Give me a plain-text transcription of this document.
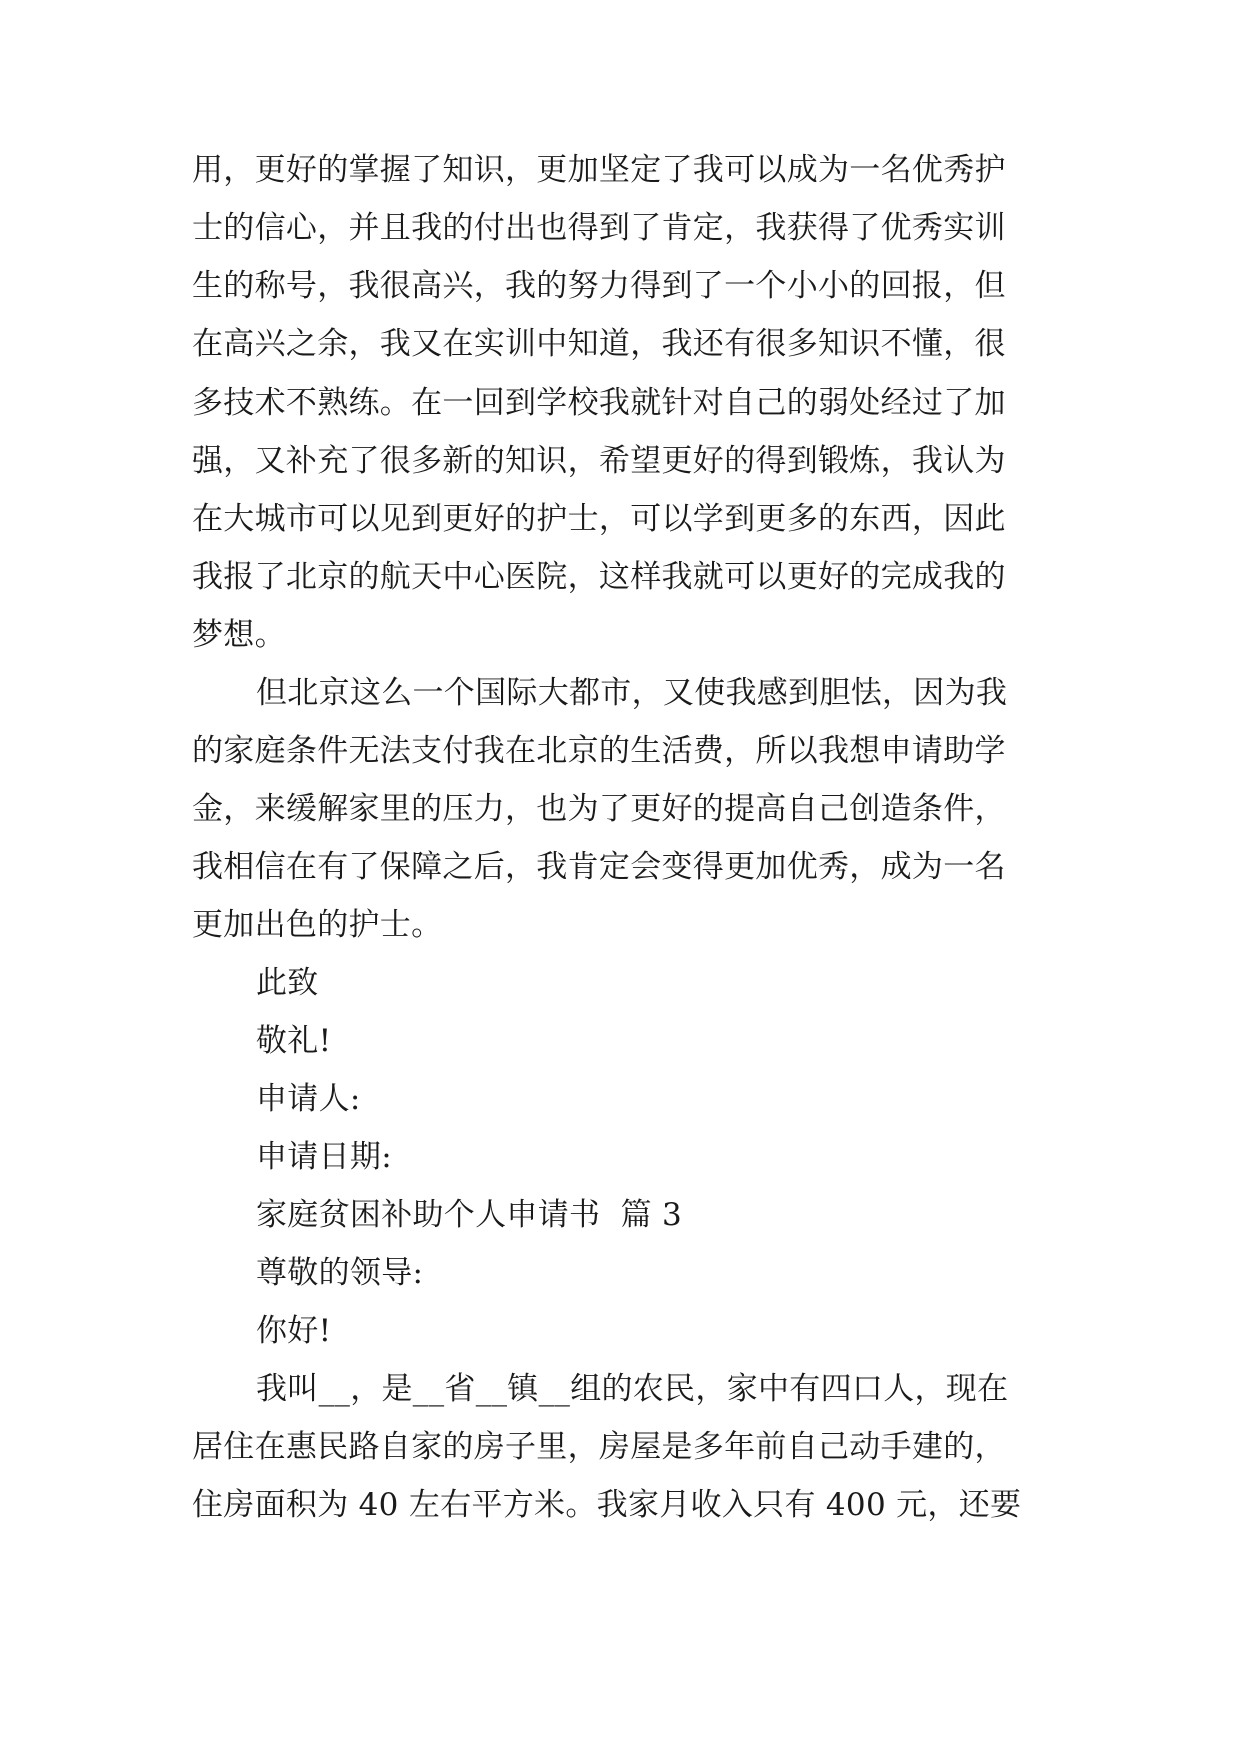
用，更好的掌握了知识，更加坚定了我可以成为一名优秀护
士的信心，并且我的付出也得到了肯定，我获得了优秀实训
生的称号，我很高兴，我的努力得到了一个小小的回报，但
在高兴之余，我又在实训中知道，我还有很多知识不懂，很
多技术不熟练。在一回到学校我就针对自己的弱处经过了加
强，又补充了很多新的知识，希望更好的得到锻炼，我认为
在大城市可以见到更好的护士，可以学到更多的东西，因此
我报了北京的航天中心医院，这样我就可以更好的完成我的
梦想。
但北京这么一个国际大都市，又使我感到胆怯，因为我
的家庭条件无法支付我在北京的生活费，所以我想申请助学
金，来缓解家里的压力，也为了更好的提高自己创造条件，
我相信在有了保障之后，我肯定会变得更加优秀，成为一名
更加出色的护士。
此致
敬礼!
申请人:
申请日期:
家庭贫困补助个人申请书  篇 3
尊敬的领导:
你好!
我叫__，是__省__镇__组的农民，家中有四口人，现在
居住在惠民路自家的房子里，房屋是多年前自己动手建的，
住房面积为 40 左右平方米。我家月收入只有 400 元，还要
